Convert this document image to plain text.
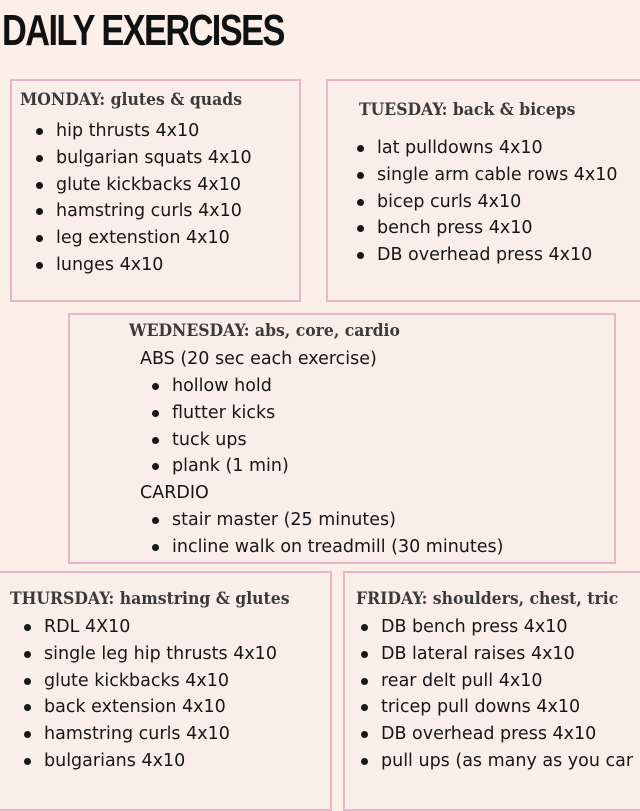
DAILY EXERCISES
MONDAY: glutes & quads
hip thrusts 4x10
bulgarian squats 4x10
glute kickbacks 4x10
hamstring curls 4x10
leg extenstion 4x10
lunges 4x10
TUESDAY: back & biceps
lat pulldowns 4x10
single arm cable rows 4x10
bicep curls 4x10
bench press 4x10
DB overhead press 4x10
WEDNESDAY: abs, core, cardio
ABS (20 sec each exercise)
hollow hold
flutter kicks
tuck ups
plank (1 min)
CARDIO
stair master (25 minutes)
incline walk on treadmill (30 minutes)
THURSDAY: hamstring & glutes
RDL 4X10
single leg hip thrusts 4x10
glute kickbacks 4x10
back extension 4x10
hamstring curls 4x10
bulgarians 4x10
FRIDAY: shoulders, chest, tric
DB bench press 4x10
DB lateral raises 4x10
rear delt pull 4x10
tricep pull downs 4x10
DB overhead press 4x10
pull ups (as many as you car
